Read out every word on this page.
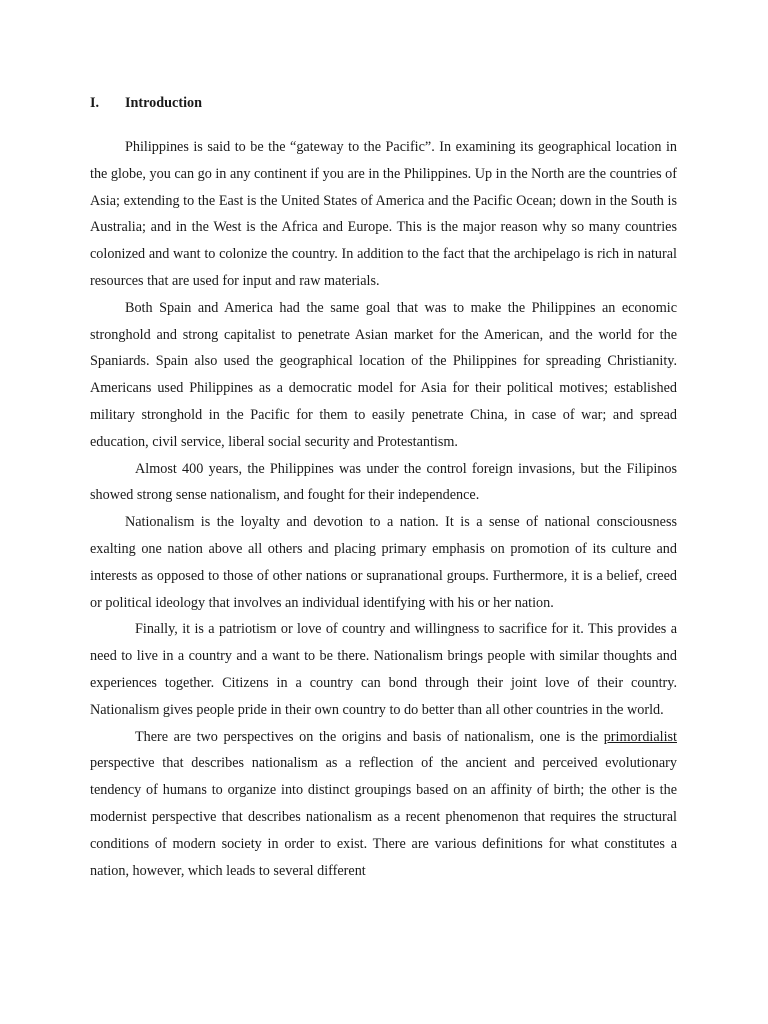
I. Introduction

Philippines is said to be the “gateway to the Pacific”. In examining its geographical location in the globe, you can go in any continent if you are in the Philippines. Up in the North are the countries of Asia; extending to the East is the United States of America and the Pacific Ocean; down in the South is Australia; and in the West is the Africa and Europe. This is the major reason why so many countries colonized and want to colonize the country. In addition to the fact that the archipelago is rich in natural resources that are used for input and raw materials.

Both Spain and America had the same goal that was to make the Philippines an economic stronghold and strong capitalist to penetrate Asian market for the American, and the world for the Spaniards. Spain also used the geographical location of the Philippines for spreading Christianity. Americans used Philippines as a democratic model for Asia for their political motives; established military stronghold in the Pacific for them to easily penetrate China, in case of war; and spread education, civil service, liberal social security and Protestantism.

Almost 400 years, the Philippines was under the control foreign invasions, but the Filipinos showed strong sense nationalism, and fought for their independence.

Nationalism is the loyalty and devotion to a nation. It is a sense of national consciousness exalting one nation above all others and placing primary emphasis on promotion of its culture and interests as opposed to those of other nations or supranational groups. Furthermore, it is a belief, creed or political ideology that involves an individual identifying with his or her nation.

Finally, it is a patriotism or love of country and willingness to sacrifice for it. This provides a need to live in a country and a want to be there. Nationalism brings people with similar thoughts and experiences together. Citizens in a country can bond through their joint love of their country. Nationalism gives people pride in their own country to do better than all other countries in the world.

There are two perspectives on the origins and basis of nationalism, one is the primordialist perspective that describes nationalism as a reflection of the ancient and perceived evolutionary tendency of humans to organize into distinct groupings based on an affinity of birth; the other is the modernist perspective that describes nationalism as a recent phenomenon that requires the structural conditions of modern society in order to exist. There are various definitions for what constitutes a nation, however, which leads to several different
